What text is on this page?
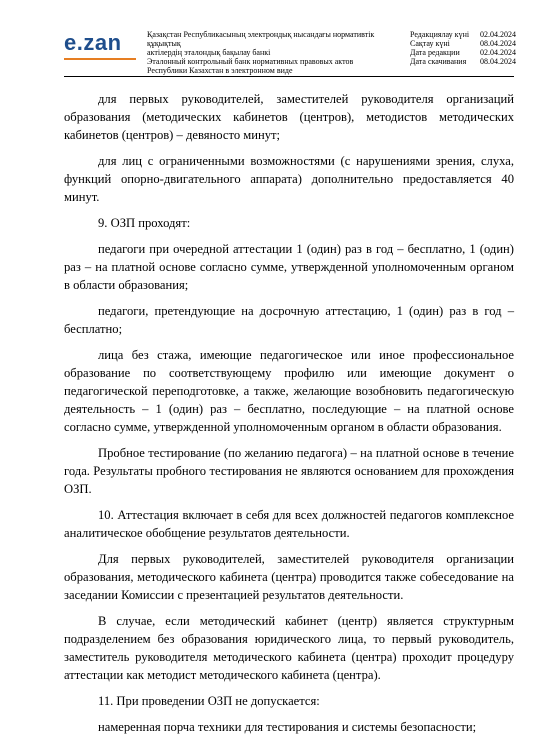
e.zan	Қазақстан Республикасының электрондық нысандағы нормативтік құқықтық
актілердің эталондық бақылау банкі
Эталонный контрольный банк нормативных правовых актов
Республики Казахстан в электронном виде
Редакциялау күні	02.04.2024
Сақтау күні	08.04.2024
Дата редакции	02.04.2024
Дата скачивания	08.04.2024

для первых руководителей, заместителей руководителя организаций образования (методических кабинетов (центров), методистов методических кабинетов (центров) – девяносто минут;

для лиц с ограниченными возможностями (с нарушениями зрения, слуха, функций опорно-двигательного аппарата) дополнительно предоставляется 40 минут.

9. ОЗП проходят:

педагоги при очередной аттестации 1 (один) раз в год – бесплатно, 1 (один) раз – на платной основе согласно сумме, утвержденной уполномоченным органом в области образования;

педагоги, претендующие на досрочную аттестацию, 1 (один) раз в год – бесплатно;

лица без стажа, имеющие педагогическое или иное профессиональное образование по соответствующему профилю или имеющие документ о педагогической переподготовке, а также, желающие возобновить педагогическую деятельность – 1 (один) раз – бесплатно, последующие – на платной основе согласно сумме, утвержденной уполномоченным органом в области образования.

Пробное тестирование (по желанию педагога) – на платной основе в течение года. Результаты пробного тестирования не являются основанием для прохождения ОЗП.

10. Аттестация включает в себя для всех должностей педагогов комплексное аналитическое обобщение результатов деятельности.

Для первых руководителей, заместителей руководителя организации образования, методического кабинета (центра) проводится также собеседование на заседании Комиссии с презентацией результатов деятельности.

В случае, если методический кабинет (центр) является структурным подразделением без образования юридического лица, то первый руководитель, заместитель руководителя методического кабинета (центра) проходит процедуру аттестации как методист методического кабинета (центра).

11. При проведении ОЗП не допускается:

намеренная порча техники для тестирования и системы безопасности;
